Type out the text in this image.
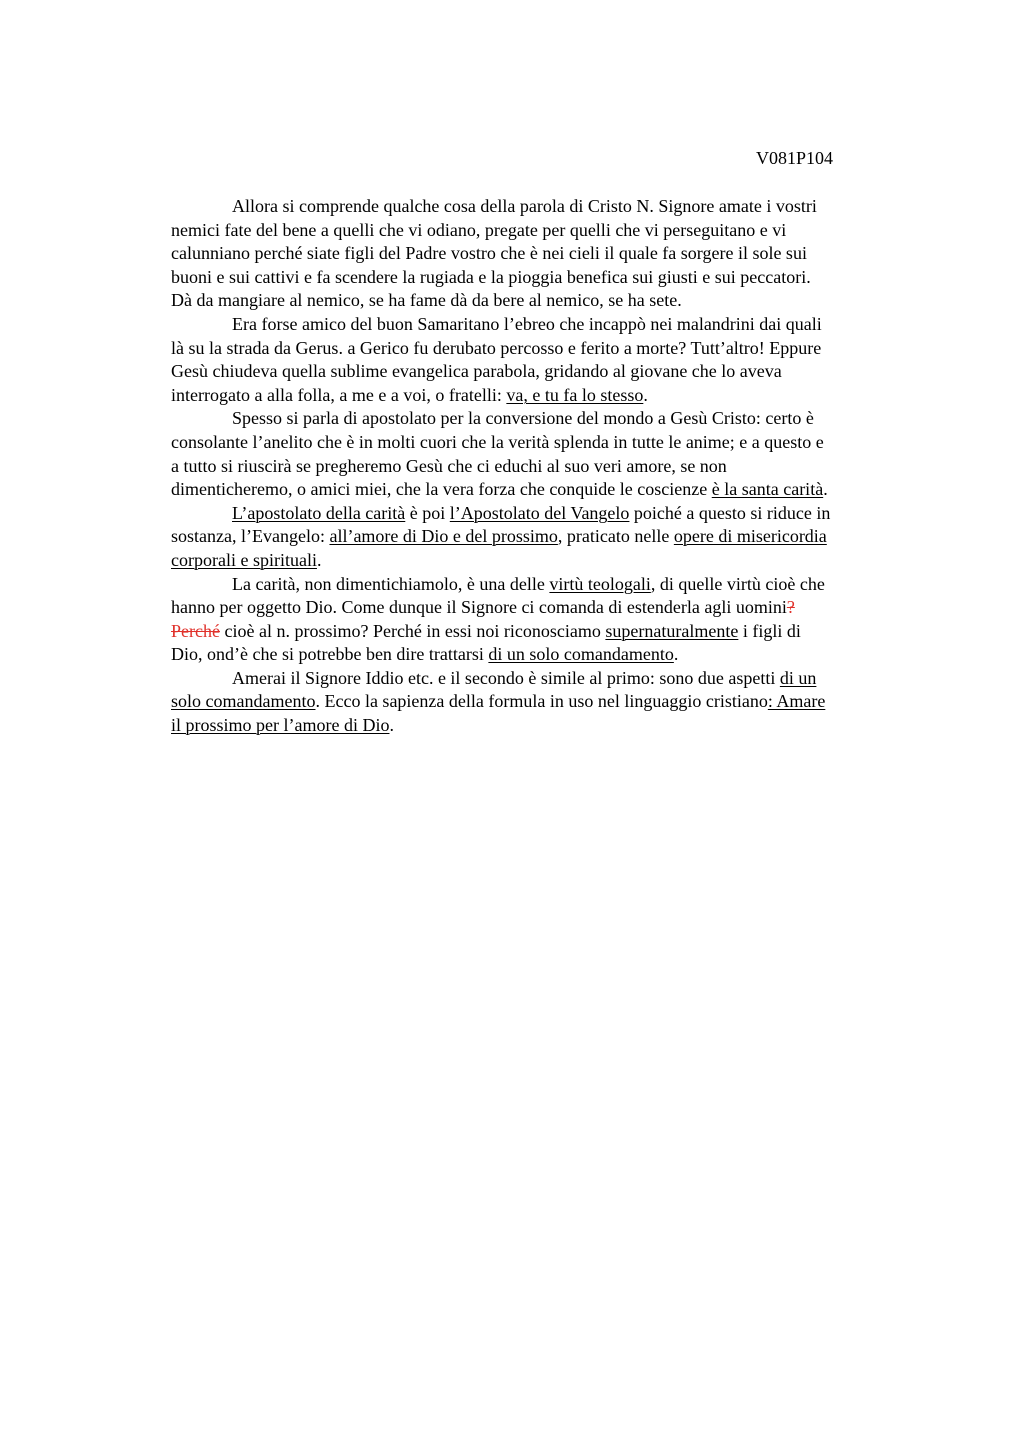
V081P104
Allora si comprende qualche cosa della parola di Cristo N. Signore amate i vostri
nemici fate del bene a quelli che vi odiano, pregate per quelli che vi perseguitano e vi
calunniano perché siate figli del Padre vostro che è nei cieli il quale fa sorgere il sole sui
buoni e sui cattivi e fa scendere la rugiada e la pioggia benefica sui giusti e sui peccatori.
Dà da mangiare al nemico, se ha fame dà da bere al nemico, se ha sete.
Era forse amico del buon Samaritano l’ebreo che incappò nei malandrini dai quali
là su la strada da Gerus. a Gerico fu derubato percosso e ferito a morte? Tutt’altro! Eppure
Gesù chiudeva quella sublime evangelica parabola, gridando al giovane che lo aveva
interrogato a alla folla, a me e a voi, o fratelli: va, e tu fa lo stesso.
Spesso si parla di apostolato per la conversione del mondo a Gesù Cristo: certo è
consolante l’anelito che è in molti cuori che la verità splenda in tutte le anime; e a questo e
a tutto si riuscirà se pregheremo Gesù che ci educhi al suo veri amore, se non
dimenticheremo, o amici miei, che la vera forza che conquide le coscienze è la santa carità.
L’apostolato della carità è poi l’Apostolato del Vangelo poiché a questo si riduce in
sostanza, l’Evangelo: all’amore di Dio e del prossimo, praticato nelle opere di misericordia
corporali e spirituali.
La carità, non dimentichiamolo, è una delle virtù teologali, di quelle virtù cioè che
hanno per oggetto Dio. Come dunque il Signore ci comanda di estenderla agli uomini?
Perché cioè al n. prossimo? Perché in essi noi riconosciamo supernaturalmente i figli di
Dio, ond’è che si potrebbe ben dire trattarsi di un solo comandamento.
Amerai il Signore Iddio etc. e il secondo è simile al primo: sono due aspetti di un
solo comandamento. Ecco la sapienza della formula in uso nel linguaggio cristiano: Amare
il prossimo per l’amore di Dio.
